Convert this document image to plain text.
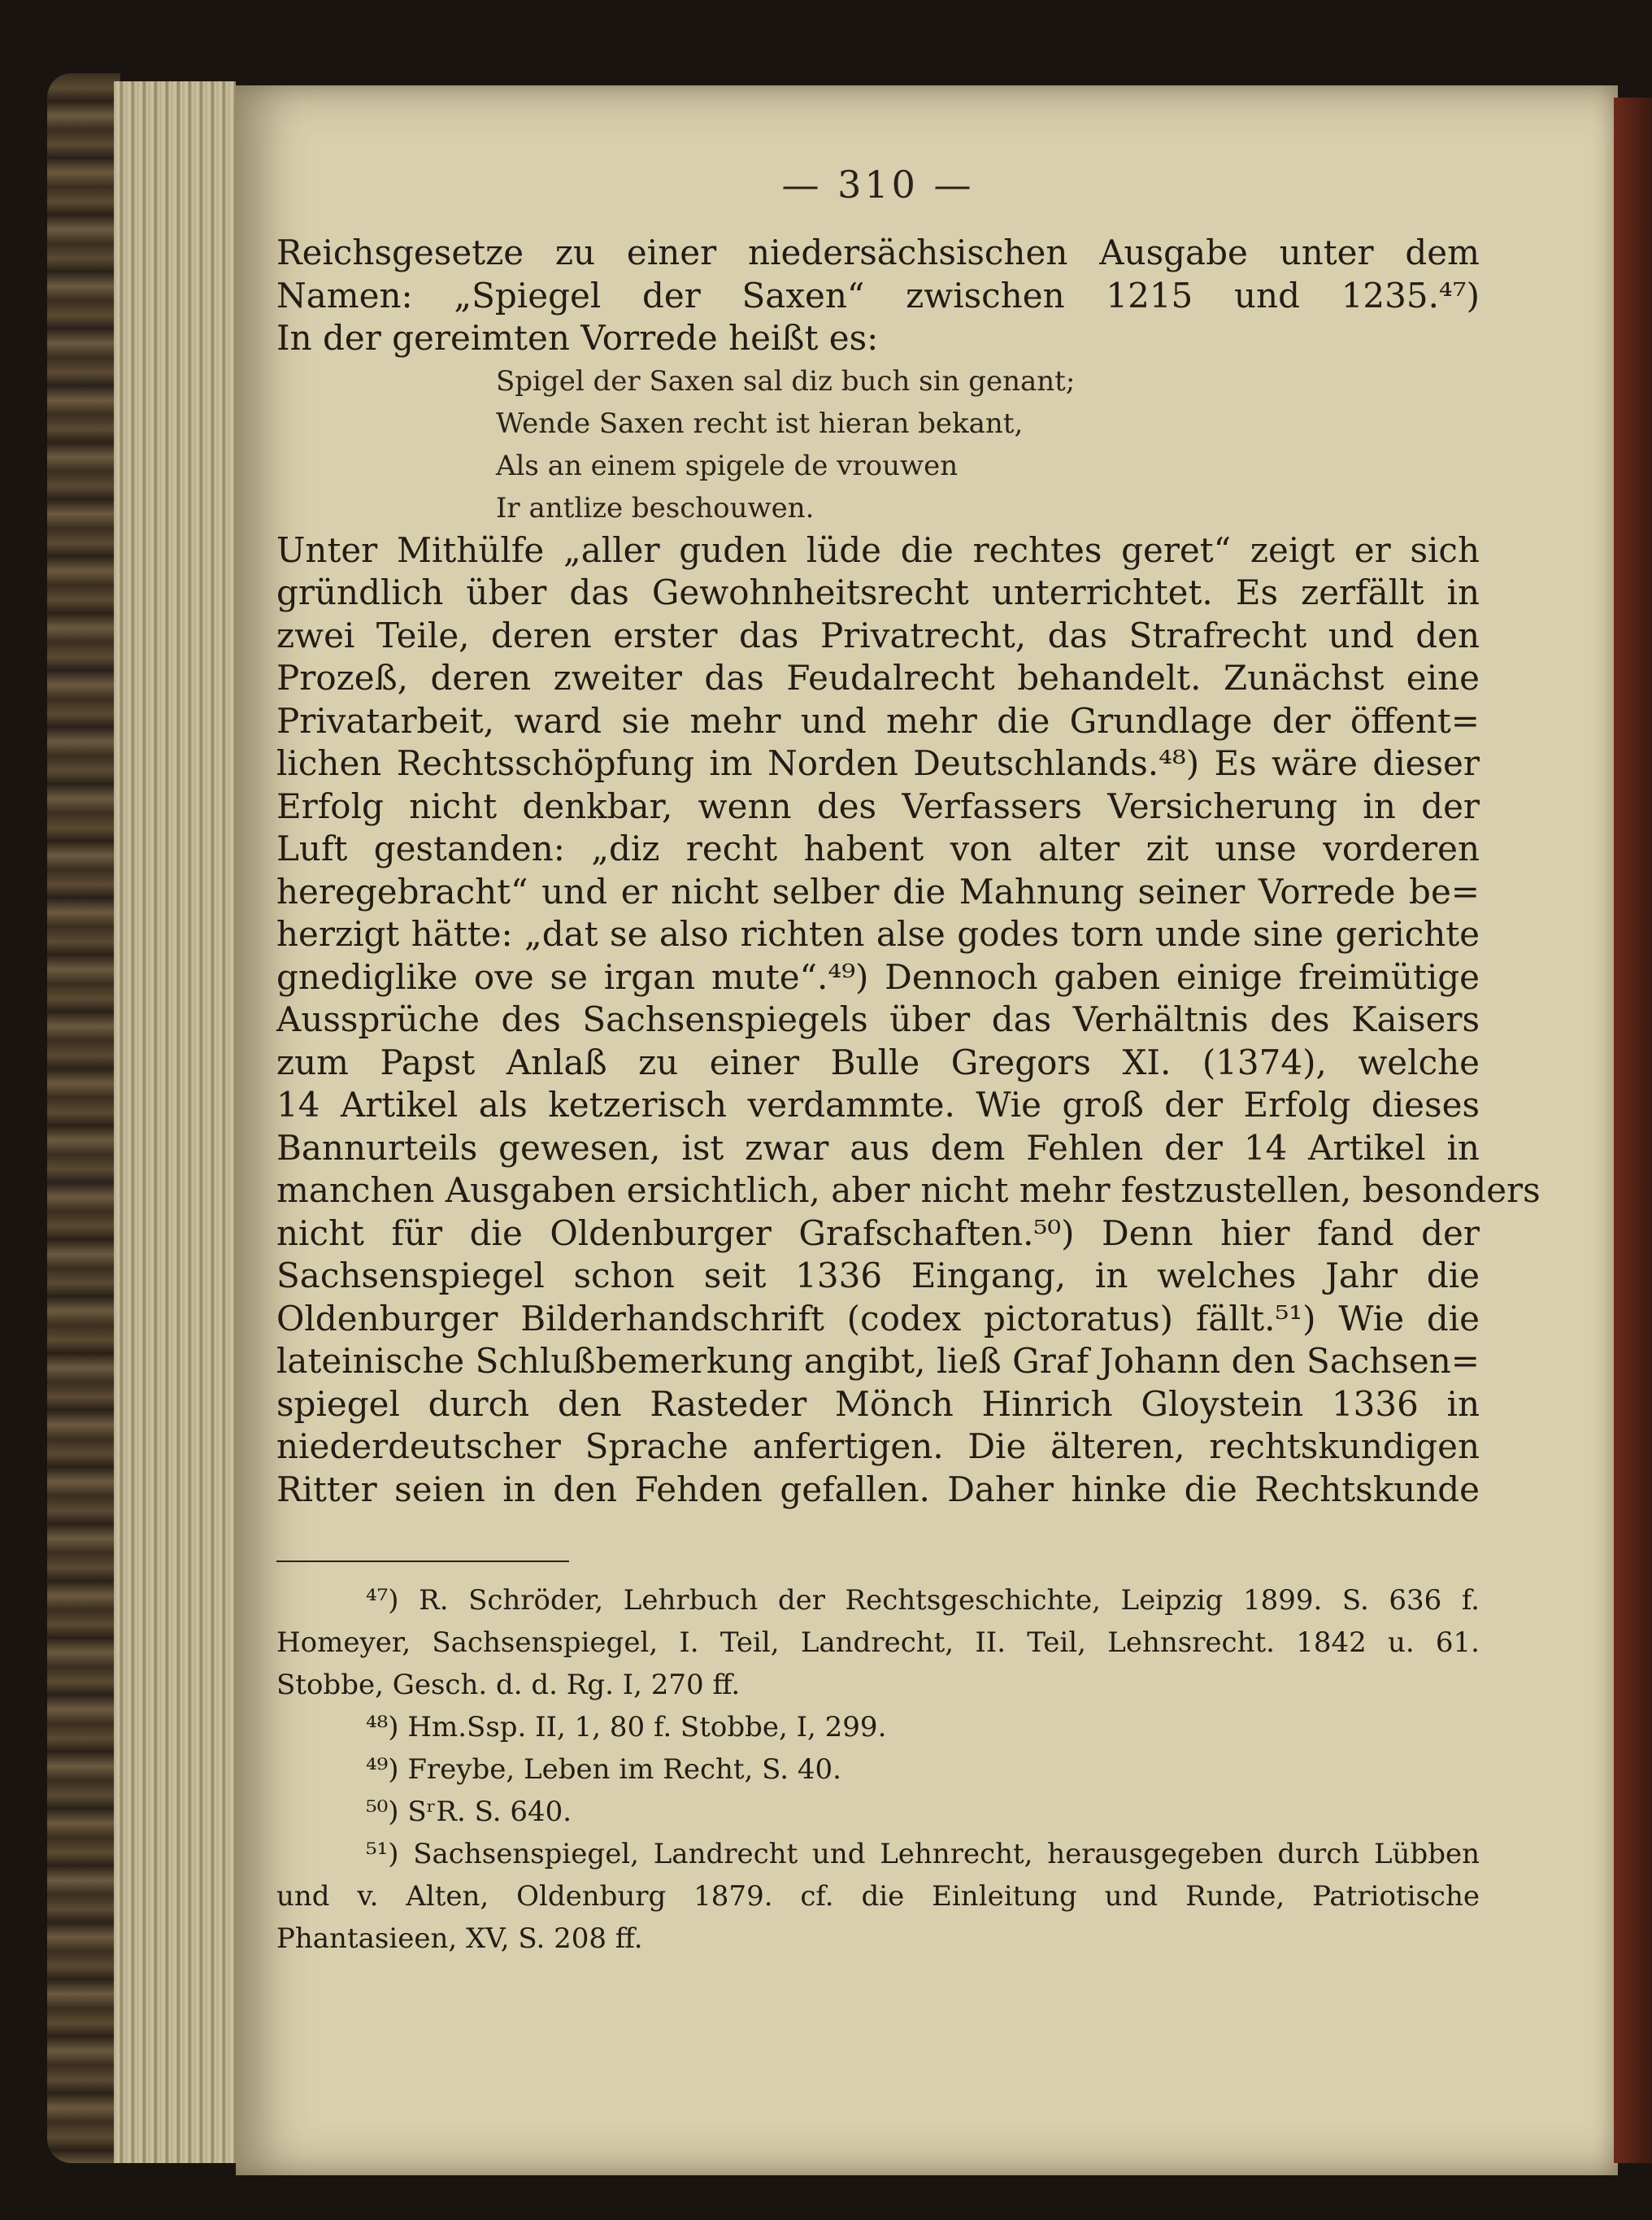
— 310 —
Reichsgesetze zu einer niedersächsischen Ausgabe unter dem
Namen: „Spiegel der Saxen“ zwischen 1215 und 1235.⁴⁷)
In der gereimten Vorrede heißt es:
Spigel der Saxen sal diz buch sin genant;
Wende Saxen recht ist hieran bekant,
Als an einem spigele de vrouwen
Ir antlize beschouwen.
Unter Mithülfe „aller guden lüde die rechtes geret“ zeigt er sich
gründlich über das Gewohnheitsrecht unterrichtet. Es zerfällt in
zwei Teile, deren erster das Privatrecht, das Strafrecht und den
Prozeß, deren zweiter das Feudalrecht behandelt. Zunächst eine
Privatarbeit, ward sie mehr und mehr die Grundlage der öffent=
lichen Rechtsschöpfung im Norden Deutschlands.⁴⁸) Es wäre dieser
Erfolg nicht denkbar, wenn des Verfassers Versicherung in der
Luft gestanden: „diz recht habent von alter zit unse vorderen
heregebracht“ und er nicht selber die Mahnung seiner Vorrede be=
herzigt hätte: „dat se also richten alse godes torn unde sine gerichte
gnediglike ove se irgan mute“.⁴⁹) Dennoch gaben einige freimütige
Aussprüche des Sachsenspiegels über das Verhältnis des Kaisers
zum Papst Anlaß zu einer Bulle Gregors XI. (1374), welche
14 Artikel als ketzerisch verdammte. Wie groß der Erfolg dieses
Bannurteils gewesen, ist zwar aus dem Fehlen der 14 Artikel in
manchen Ausgaben ersichtlich, aber nicht mehr festzustellen, besonders
nicht für die Oldenburger Grafschaften.⁵⁰) Denn hier fand der
Sachsenspiegel schon seit 1336 Eingang, in welches Jahr die
Oldenburger Bilderhandschrift (codex pictoratus) fällt.⁵¹) Wie die
lateinische Schlußbemerkung angibt, ließ Graf Johann den Sachsen=
spiegel durch den Rasteder Mönch Hinrich Gloystein 1336 in
niederdeutscher Sprache anfertigen. Die älteren, rechtskundigen
Ritter seien in den Fehden gefallen. Daher hinke die Rechtskunde
⁴⁷) R. Schröder, Lehrbuch der Rechtsgeschichte, Leipzig 1899. S. 636 f.
Homeyer, Sachsenspiegel, I. Teil, Landrecht, II. Teil, Lehnsrecht. 1842 u. 61.
Stobbe, Gesch. d. d. Rg. I, 270 ff.
⁴⁸) Hm.Ssp. II, 1, 80 f. Stobbe, I, 299.
⁴⁹) Freybe, Leben im Recht, S. 40.
⁵⁰) SʳR. S. 640.
⁵¹) Sachsenspiegel, Landrecht und Lehnrecht, herausgegeben durch Lübben
und v. Alten, Oldenburg 1879. cf. die Einleitung und Runde, Patriotische
Phantasieen, XV, S. 208 ff.
